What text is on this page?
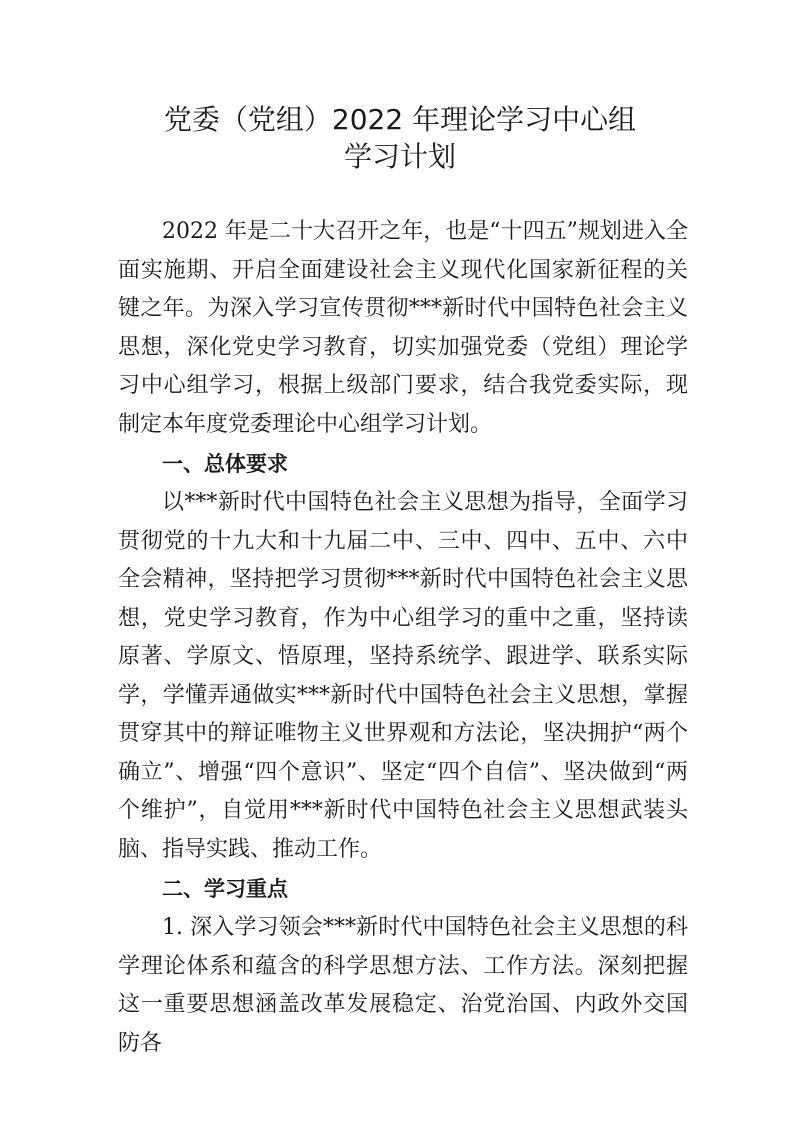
党委（党组）2022 年理论学习中心组
学习计划

2022 年是二十大召开之年，也是“十四五”规划进入全面实施期、开启全面建设社会主义现代化国家新征程的关键之年。为深入学习宣传贯彻***新时代中国特色社会主义思想，深化党史学习教育，切实加强党委（党组）理论学习中心组学习，根据上级部门要求，结合我党委实际，现制定本年度党委理论中心组学习计划。

一、总体要求

以***新时代中国特色社会主义思想为指导，全面学习贯彻党的十九大和十九届二中、三中、四中、五中、六中全会精神，坚持把学习贯彻***新时代中国特色社会主义思想，党史学习教育，作为中心组学习的重中之重，坚持读原著、学原文、悟原理，坚持系统学、跟进学、联系实际学，学懂弄通做实***新时代中国特色社会主义思想，掌握贯穿其中的辩证唯物主义世界观和方法论，坚决拥护“两个确立”、增强“四个意识”、坚定“四个自信”、坚决做到“两个维护”，自觉用***新时代中国特色社会主义思想武装头脑、指导实践、推动工作。

二、学习重点

1. 深入学习领会***新时代中国特色社会主义思想的科学理论体系和蕴含的科学思想方法、工作方法。深刻把握这一重要思想涵盖改革发展稳定、治党治国、内政外交国防各
